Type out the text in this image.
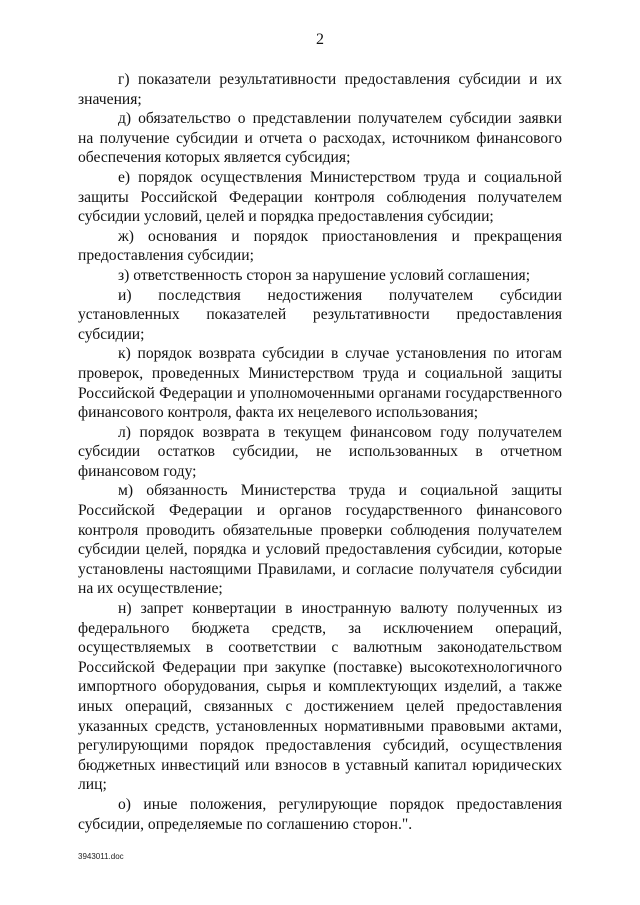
2

г) показатели результативности предоставления субсидии и их значения;

д) обязательство о представлении получателем субсидии заявки на получение субсидии и отчета о расходах, источником финансового обеспечения которых является субсидия;

е) порядок осуществления Министерством труда и социальной защиты Российской Федерации контроля соблюдения получателем субсидии условий, целей и порядка предоставления субсидии;

ж) основания и порядок приостановления и прекращения предоставления субсидии;

з) ответственность сторон за нарушение условий соглашения;

и) последствия недостижения получателем субсидии установленных показателей результативности предоставления субсидии;

к) порядок возврата субсидии в случае установления по итогам проверок, проведенных Министерством труда и социальной защиты Российской Федерации и уполномоченными органами государственного финансового контроля, факта их нецелевого использования;

л) порядок возврата в текущем финансовом году получателем субсидии остатков субсидии, не использованных в отчетном финансовом году;

м) обязанность Министерства труда и социальной защиты Российской Федерации и органов государственного финансового контроля проводить обязательные проверки соблюдения получателем субсидии целей, порядка и условий предоставления субсидии, которые установлены настоящими Правилами, и согласие получателя субсидии на их осуществление;

н) запрет конвертации в иностранную валюту полученных из федерального бюджета средств, за исключением операций, осуществляемых в соответствии с валютным законодательством Российской Федерации при закупке (поставке) высокотехнологичного импортного оборудования, сырья и комплектующих изделий, а также иных операций, связанных с достижением целей предоставления указанных средств, установленных нормативными правовыми актами, регулирующими порядок предоставления субсидий, осуществления бюджетных инвестиций или взносов в уставный капитал юридических лиц;

о) иные положения, регулирующие порядок предоставления субсидии, определяемые по соглашению сторон.".

3943011.doc
